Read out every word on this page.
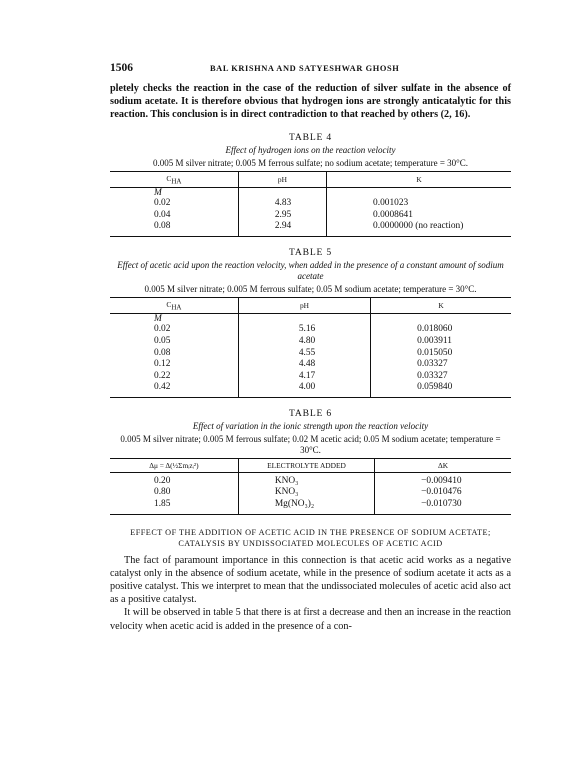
1506	BAL KRISHNA AND SATYESHWAR GHOSH

pletely checks the reaction in the case of the reduction of silver sulfate in the absence of sodium acetate. It is therefore obvious that hydrogen ions are strongly anticatalytic for this reaction. This conclusion is in direct contradiction to that reached by others (2, 16).

TABLE 4

Effect of hydrogen ions on the reaction velocity

0.005 M silver nitrate; 0.005 M ferrous sulfate; no sodium acetate; temperature = 30°C.

$C_{HA}$	pH	K
M		
0.02	4.83	0.001023
0.04	2.95	0.0008641
0.08	2.94	0.0000000 (no reaction)

TABLE 5

Effect of acetic acid upon the reaction velocity, when added in the presence of a constant amount of sodium acetate

0.005 M silver nitrate; 0.005 M ferrous sulfate; 0.05 M sodium acetate; temperature = 30°C.

$C_{HA}$	pH	K
M		
0.02	5.16	0.018060
0.05	4.80	0.003911
0.08	4.55	0.015050
0.12	4.48	0.03327
0.22	4.17	0.03327
0.42	4.00	0.059840

TABLE 6

Effect of variation in the ionic strength upon the reaction velocity

0.005 M silver nitrate; 0.005 M ferrous sulfate; 0.02 M acetic acid; 0.05 M sodium acetate; temperature = 30°C.

Δμ = Δ(½Σmᵢzᵢ²)	ELECTROLYTE ADDED	ΔK
0.20	KNO₃	−0.009410
0.80	KNO₃	−0.010476
1.85	Mg(NO₃)₂	−0.010730

EFFECT OF THE ADDITION OF ACETIC ACID IN THE PRESENCE OF SODIUM ACETATE; CATALYSIS BY UNDISSOCIATED MOLECULES OF ACETIC ACID

The fact of paramount importance in this connection is that acetic acid works as a negative catalyst only in the absence of sodium acetate, while in the presence of sodium acetate it acts as a positive catalyst. This we interpret to mean that the undissociated molecules of acetic acid also act as a positive catalyst.

It will be observed in table 5 that there is at first a decrease and then an increase in the reaction velocity when acetic acid is added in the presence of a con-
